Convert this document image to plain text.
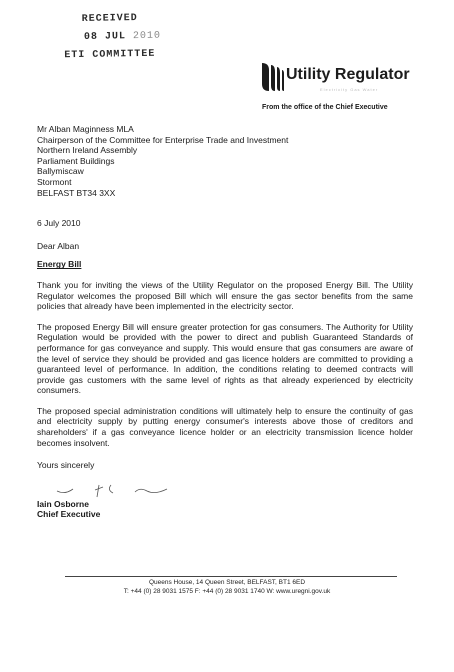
RECEIVED
08 JUL 2010
ETI COMMITTEE
Utility Regulator
Electricity Gas Water
From the office of the Chief Executive
Mr Alban Maginness MLA
Chairperson of the Committee for Enterprise Trade and Investment
Northern Ireland Assembly
Parliament Buildings
Ballymiscaw
Stormont
BELFAST BT34 3XX
6 July 2010
Dear Alban
Energy Bill
Thank you for inviting the views of the Utility Regulator on the proposed Energy Bill. The Utility Regulator welcomes the proposed Bill which will ensure the gas sector benefits from the same policies that already have been implemented in the electricity sector.
The proposed Energy Bill will ensure greater protection for gas consumers. The Authority for Utility Regulation would be provided with the power to direct and publish Guaranteed Standards of performance for gas conveyance and supply. This would ensure that gas consumers are aware of the level of service they should be provided and gas licence holders are committed to providing a guaranteed level of performance. In addition, the conditions relating to deemed contracts will provide gas customers with the same level of rights as that already experienced by electricity consumers.
The proposed special administration conditions will ultimately help to ensure the continuity of gas and electricity supply by putting energy consumer's interests above those of creditors and shareholders' if a gas conveyance licence holder or an electricity transmission licence holder becomes insolvent.
Yours sincerely
Iain Osborne
Chief Executive
Queens House, 14 Queen Street, BELFAST, BT1 6ED
T: +44 (0) 28 9031 1575 F: +44 (0) 28 9031 1740 W: www.uregni.gov.uk
